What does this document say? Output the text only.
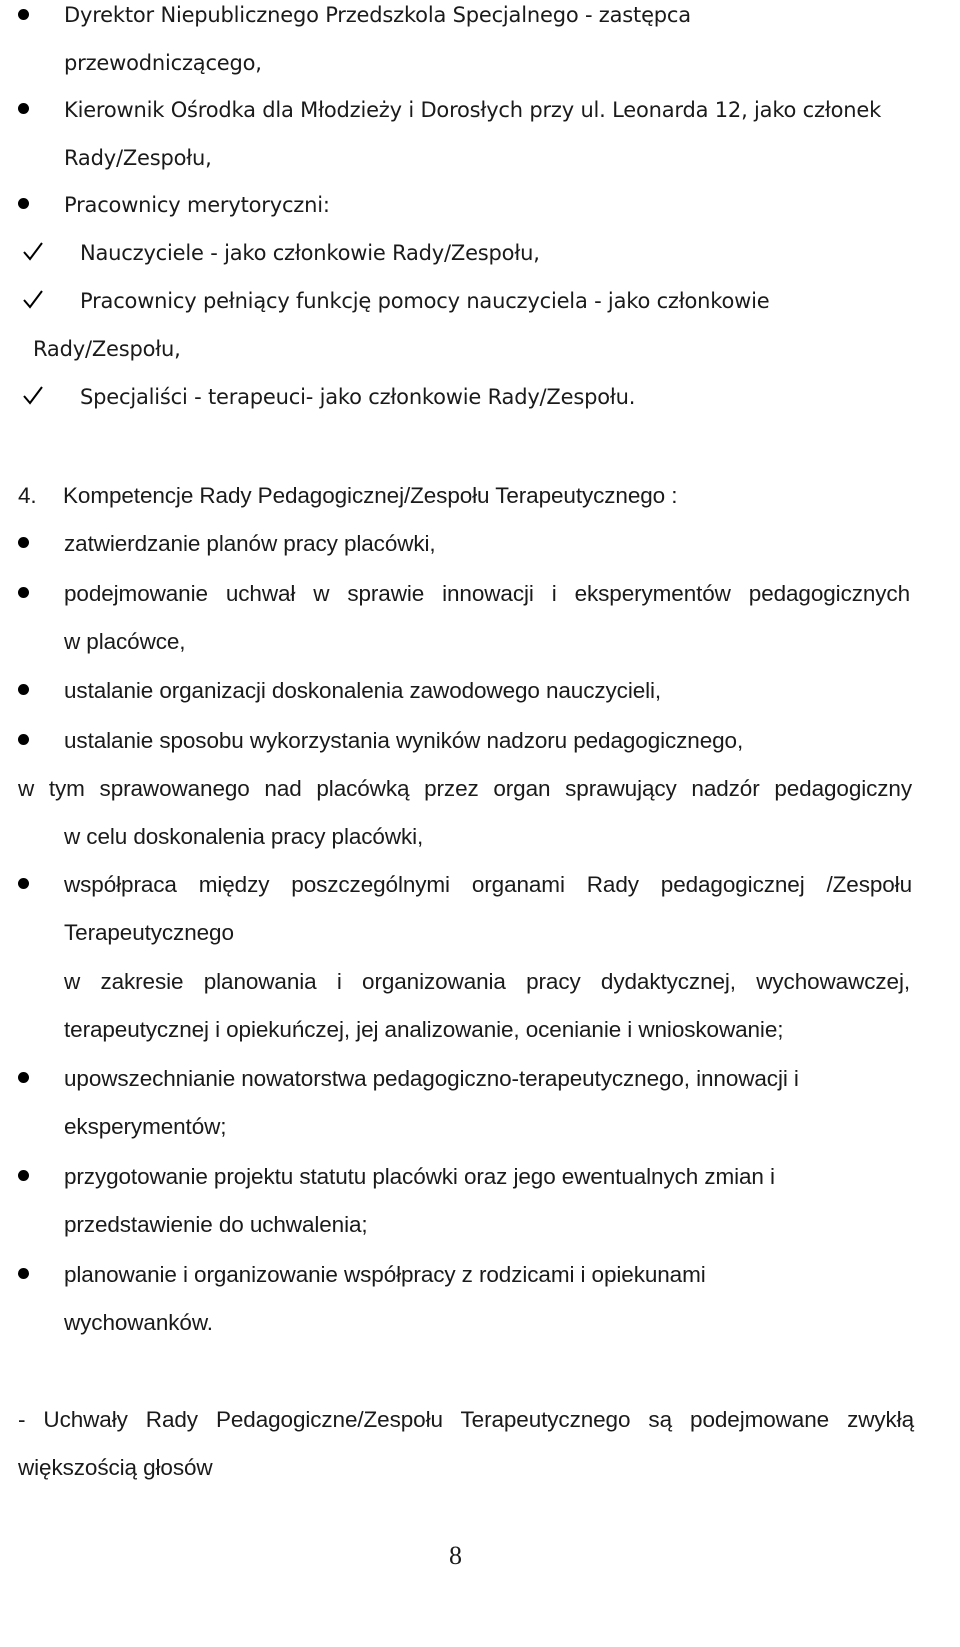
Dyrektor Niepublicznego Przedszkola Specjalnego - zastępca
przewodniczącego,
Kierownik Ośrodka dla Młodzieży i Dorosłych przy ul. Leonarda 12, jako członek
Rady/Zespołu,
Pracownicy merytoryczni:
Nauczyciele - jako członkowie Rady/Zespołu,
Pracownicy pełniący funkcję pomocy nauczyciela - jako członkowie
Rady/Zespołu,
Specjaliści - terapeuci- jako członkowie Rady/Zespołu.
4. Kompetencje Rady Pedagogicznej/Zespołu Terapeutycznego :
zatwierdzanie planów pracy placówki,
podejmowanie uchwał w sprawie innowacji i eksperymentów pedagogicznych
w placówce,
ustalanie organizacji doskonalenia zawodowego nauczycieli,
ustalanie sposobu wykorzystania wyników nadzoru pedagogicznego,
w tym sprawowanego nad placówką przez organ sprawujący nadzór pedagogiczny
w celu doskonalenia pracy placówki,
współpraca między poszczególnymi organami Rady pedagogicznej /Zespołu
Terapeutycznego
w zakresie planowania i organizowania pracy dydaktycznej, wychowawczej,
terapeutycznej i opiekuńczej, jej analizowanie, ocenianie i wnioskowanie;
upowszechnianie nowatorstwa pedagogiczno-terapeutycznego, innowacji i
eksperymentów;
przygotowanie projektu statutu placówki oraz jego ewentualnych zmian i
przedstawienie do uchwalenia;
planowanie i organizowanie współpracy z rodzicami i opiekunami
wychowanków.
- Uchwały Rady Pedagogiczne/Zespołu Terapeutycznego są podejmowane zwykłą
większością głosów
8
